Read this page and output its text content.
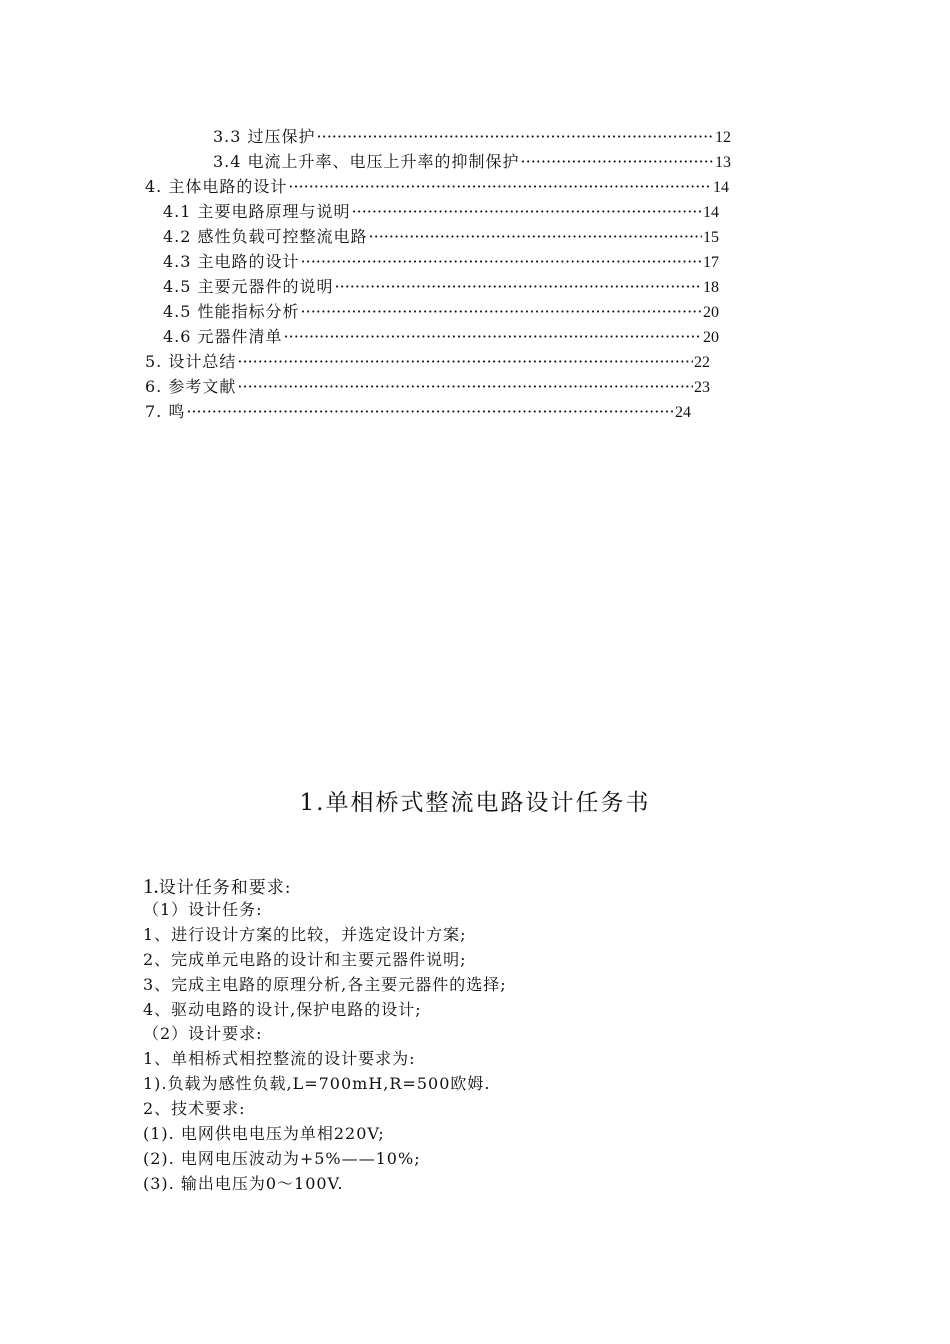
3.3 过压保护 ·····	12
3.4 电流上升率、电压上升率的抑制保护 ·····	13
4. 主体电路的设计 ·····	14
4.1 主要电路原理与说明 ·····	14
4.2 感性负载可控整流电路 ·····	15
4.3 主电路的设计 ·····	17
4.5 主要元器件的说明 ·····	18
4.5 性能指标分析 ·····	20
4.6 元器件清单 ·····	20
5. 设计总结 ·····	22
6. 参考文献 ·····	23
7. 鸣 ·····	24
1.单相桥式整流电路设计任务书
1.设计任务和要求:
（1）设计任务:
1、进行设计方案的比较，并选定设计方案;
2、完成单元电路的设计和主要元器件说明;
3、完成主电路的原理分析,各主要元器件的选择;
4、驱动电路的设计,保护电路的设计;
（2）设计要求:
1、单相桥式相控整流的设计要求为:
1).负载为感性负载,L=700mH,R=500欧姆.
2、技术要求:
(1). 电网供电电压为单相220V;
(2). 电网电压波动为+5%——10%;
(3). 输出电压为0～100V.
